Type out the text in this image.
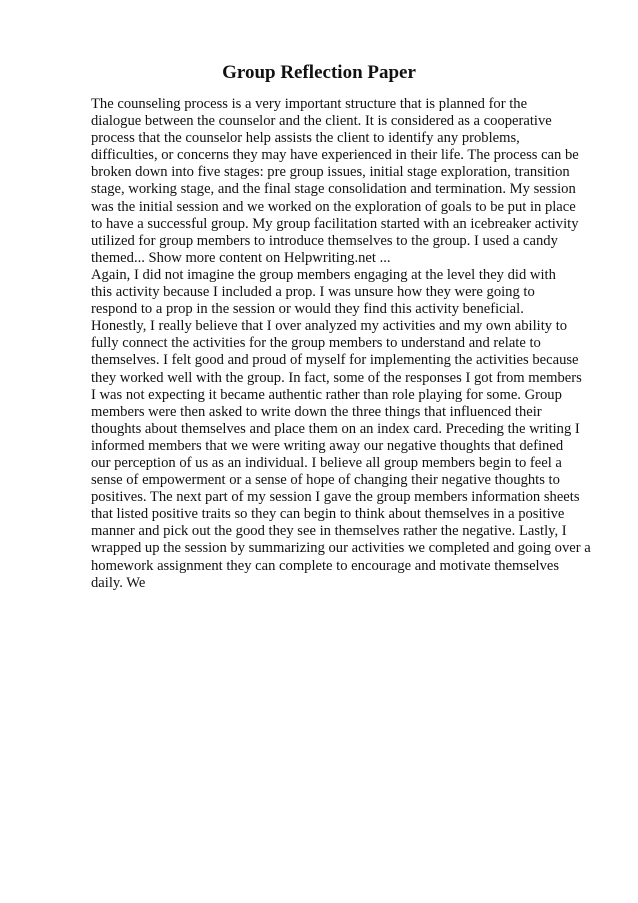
Group Reflection Paper
The counseling process is a very important structure that is planned for the
dialogue between the counselor and the client. It is considered as a cooperative
process that the counselor help assists the client to identify any problems,
difficulties, or concerns they may have experienced in their life. The process can be
broken down into five stages: pre group issues, initial stage exploration, transition
stage, working stage, and the final stage consolidation and termination. My session
was the initial session and we worked on the exploration of goals to be put in place
to have a successful group. My group facilitation started with an icebreaker activity
utilized for group members to introduce themselves to the group. I used a candy
themed... Show more content on Helpwriting.net ...
Again, I did not imagine the group members engaging at the level they did with
this activity because I included a prop. I was unsure how they were going to
respond to a prop in the session or would they find this activity beneficial.
Honestly, I really believe that I over analyzed my activities and my own ability to
fully connect the activities for the group members to understand and relate to
themselves. I felt good and proud of myself for implementing the activities because
they worked well with the group. In fact, some of the responses I got from members
I was not expecting it became authentic rather than role playing for some. Group
members were then asked to write down the three things that influenced their
thoughts about themselves and place them on an index card. Preceding the writing I
informed members that we were writing away our negative thoughts that defined
our perception of us as an individual. I believe all group members begin to feel a
sense of empowerment or a sense of hope of changing their negative thoughts to
positives. The next part of my session I gave the group members information sheets
that listed positive traits so they can begin to think about themselves in a positive
manner and pick out the good they see in themselves rather the negative. Lastly, I
wrapped up the session by summarizing our activities we completed and going over a
homework assignment they can complete to encourage and motivate themselves
daily. We
